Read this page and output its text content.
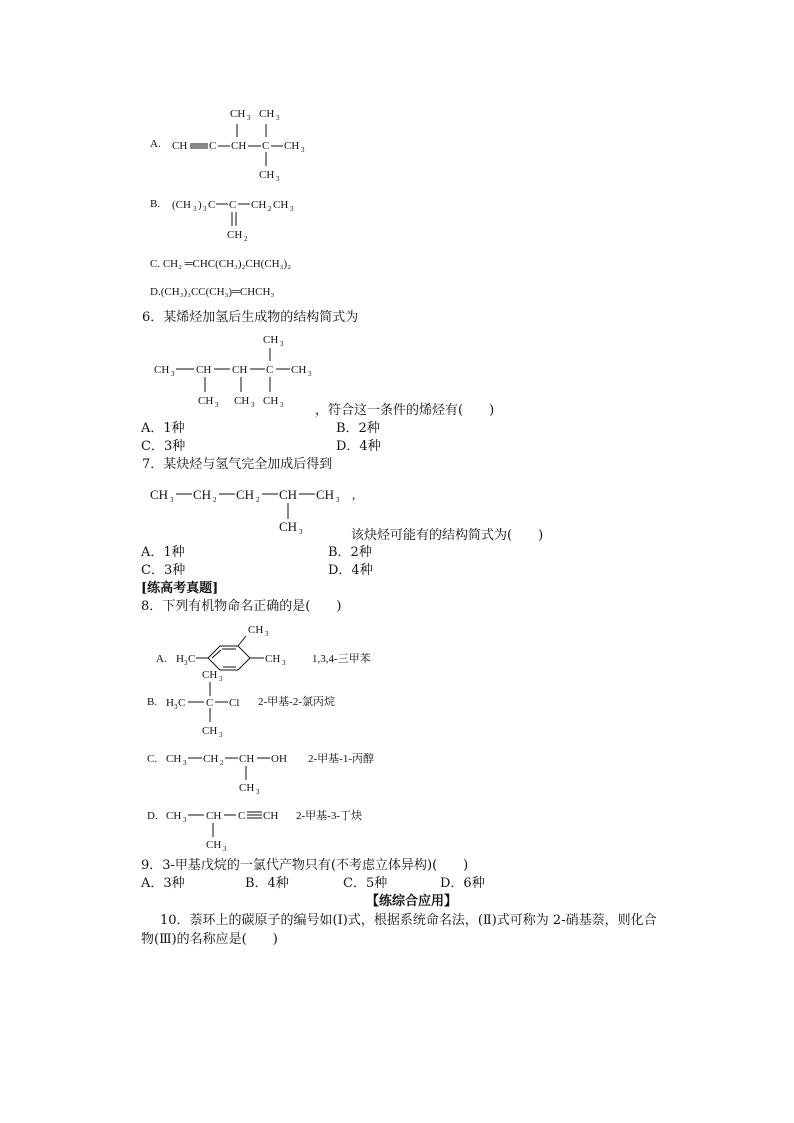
A. CH C CH
CH 3
C
CH 3
CH 3
CH 3
B. (CH 3 ) 3 C C
CH 2
CH 2 CH 3
C. CH₂ ═CHC(CH₃)₂CH(CH₃)₂
D.(CH₃)₃CC(CH₃)═CHCH₃
6．某烯烃加氢后生成物的结构简式为
CH 3 CH
CH 3
CH
CH 3
C
CH 3
CH 3
CH 3
，符合这一条件的烯烃有(　　)
A．1种	B．2种
C．3种	D．4种
7．某炔烃与氢气完全加成后得到
CH 3 CH 2 CH 2 CH
CH 3
CH 3 ,
该炔烃可能有的结构简式为(　　)
A．1种	B．2种
C．3种	D．4种
[练高考真题]
8．下列有机物命名正确的是(　　)
A. H 3 C
CH 3
CH 3 1,3,4-三甲苯
B.
CH 3
H 3 C C Cl
CH 3
2-甲基-2-氯丙烷
C. CH 3 CH 2 CH
CH 3
OH 2-甲基-1-丙醇
D. CH 3 CH
CH 3
C CH 2-甲基-3-丁炔
9．3-甲基戊烷的一氯代产物只有(不考虑立体异构)(　　)
A．3种	B．4种	C．5种	D．6种
【练综合应用】
10．萘环上的碳原子的编号如(Ⅰ)式，根据系统命名法，(Ⅱ)式可称为 2-硝基萘，则化合
物(Ⅲ)的名称应是(　　)
